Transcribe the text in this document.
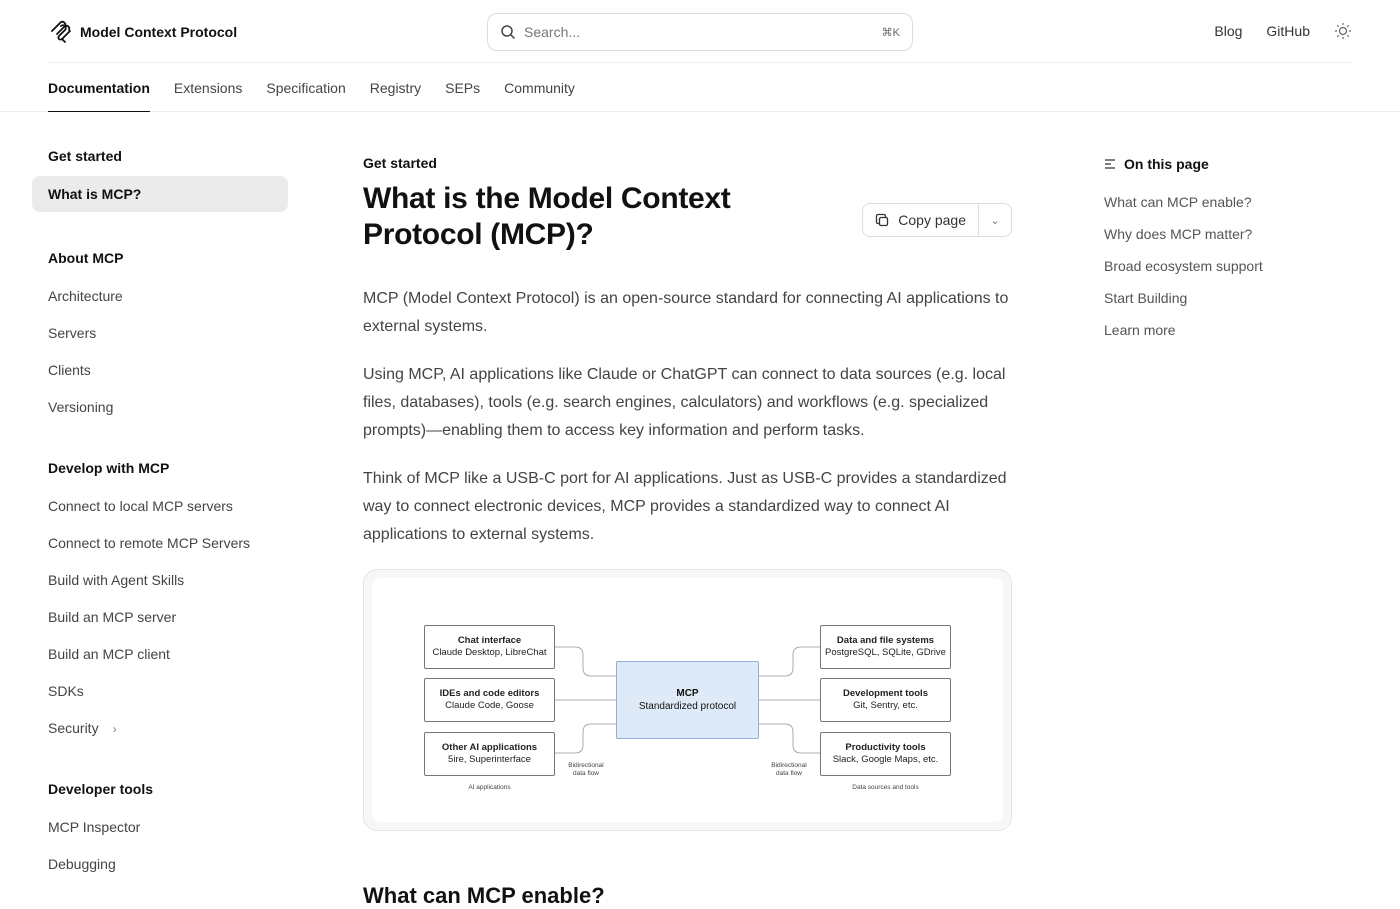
Model Context Protocol	Search...	⌘K	Blog GitHub
Documentation Extensions Specification Registry SEPs Community
Get started
What is MCP?
About MCP
Architecture
Servers
Clients
Versioning
Develop with MCP
Connect to local MCP servers
Connect to remote MCP Servers
Build with Agent Skills
Build an MCP server
Build an MCP client
SDKs
Security ›
Developer tools
MCP Inspector
Debugging
Get started
What is the Model Context Protocol (MCP)?	Copy page	⌄

MCP (Model Context Protocol) is an open-source standard for connecting AI applications to external systems.

Using MCP, AI applications like Claude or ChatGPT can connect to data sources (e.g. local files, databases), tools (e.g. search engines, calculators) and workflows (e.g. specialized prompts)—enabling them to access key information and perform tasks.

Think of MCP like a USB-C port for AI applications. Just as USB-C provides a standardized way to connect electronic devices, MCP provides a standardized way to connect AI applications to external systems.

Chat interface
Claude Desktop, LibreChat
IDEs and code editors
Claude Code, Goose
Other AI applications
5ire, Superinterface
MCP
Standardized protocol
Data and file systems
PostgreSQL, SQLite, GDrive
Development tools
Git, Sentry, etc.
Productivity tools
Slack, Google Maps, etc.
Bidirectional data flow
Bidirectional data flow
AI applications	Data sources and tools
What can MCP enable?
On this page
What can MCP enable?
Why does MCP matter?
Broad ecosystem support
Start Building
Learn more
